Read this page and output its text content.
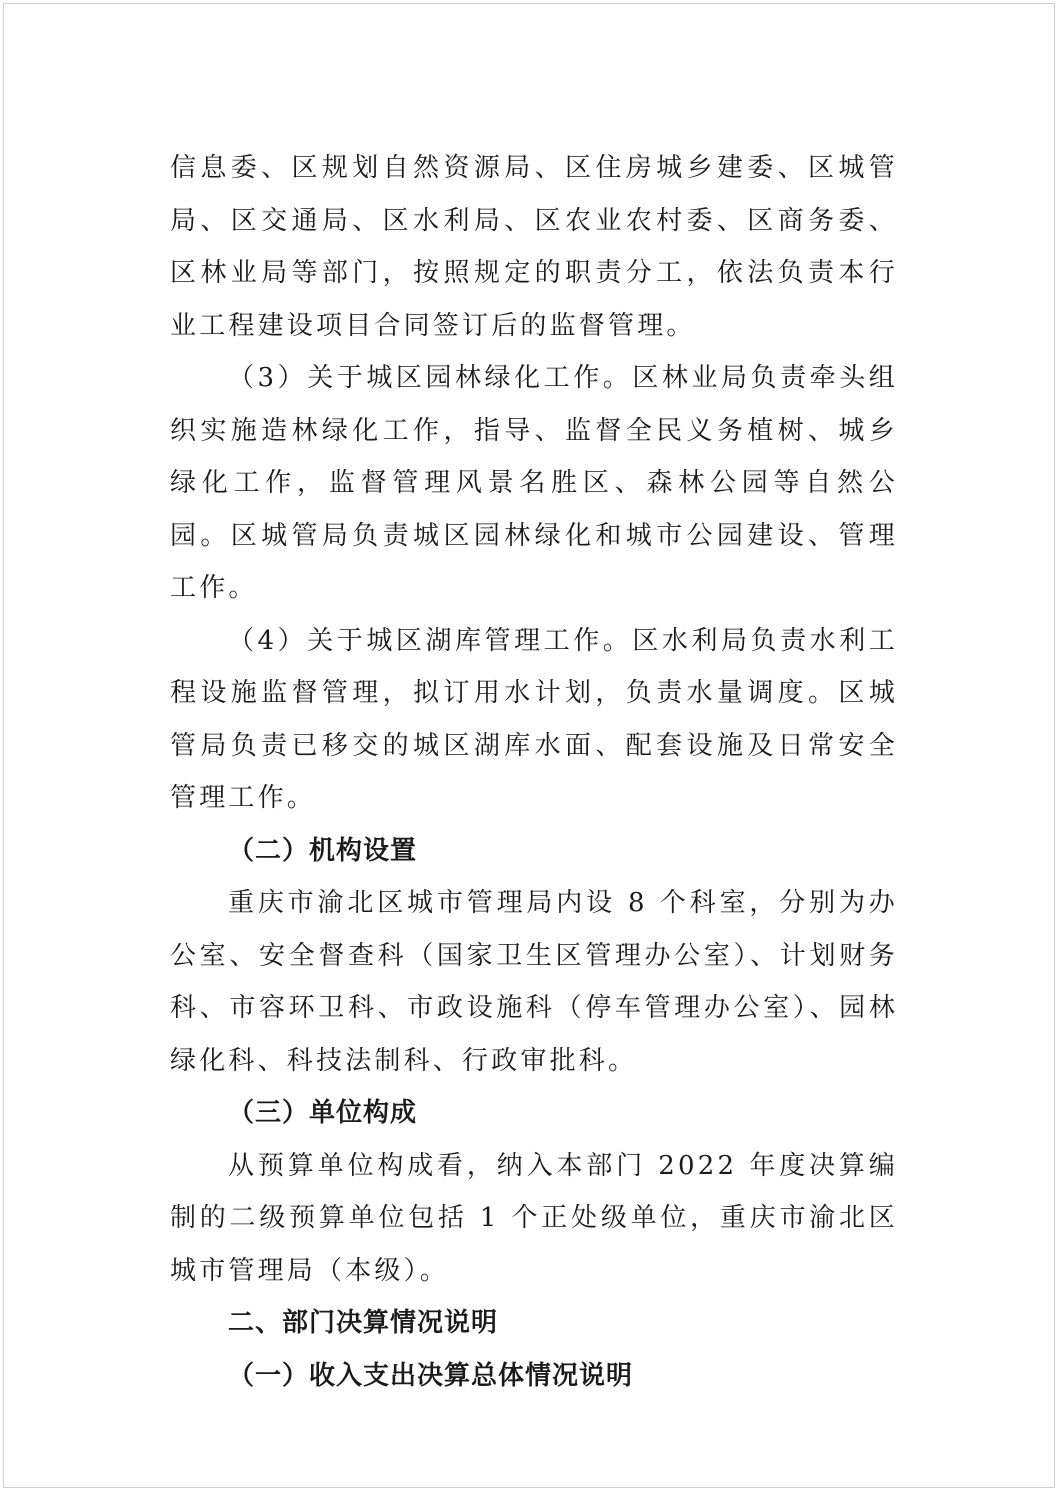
信息委、区规划自然资源局、区住房城乡建委、区城管局、区交通局、区水利局、区农业农村委、区商务委、区林业局等部门，按照规定的职责分工，依法负责本行业工程建设项目合同签订后的监督管理。

（3）关于城区园林绿化工作。区林业局负责牵头组织实施造林绿化工作，指导、监督全民义务植树、城乡绿化工作，监督管理风景名胜区、森林公园等自然公园。区城管局负责城区园林绿化和城市公园建设、管理工作。

（4）关于城区湖库管理工作。区水利局负责水利工程设施监督管理，拟订用水计划，负责水量调度。区城管局负责已移交的城区湖库水面、配套设施及日常安全管理工作。

（二）机构设置

重庆市渝北区城市管理局内设 8 个科室，分别为办公室、安全督查科（国家卫生区管理办公室）、计划财务科、市容环卫科、市政设施科（停车管理办公室）、园林绿化科、科技法制科、行政审批科。

（三）单位构成

从预算单位构成看，纳入本部门 2022 年度决算编制的二级预算单位包括 1 个正处级单位，重庆市渝北区城市管理局（本级）。

二、部门决算情况说明

（一）收入支出决算总体情况说明
